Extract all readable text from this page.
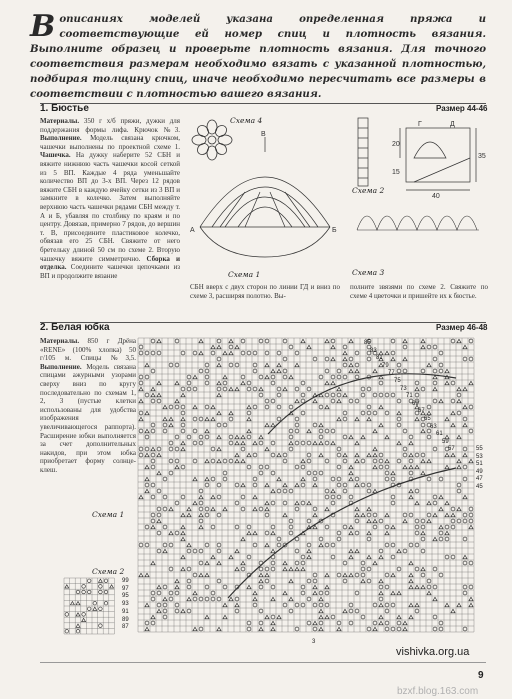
Вописаниях моделей указана определенная пряжа и соответствующие ей номер спиц и плотность вязания. Выполните образец и проверьте плотность вязания. Для точного соответствия размерам необходимо вязать с указанной плотностью, подбирая толщину спиц, иначе необходимо пересчитать все размеры в соответствии с плотностью вашего вязания.
1. Бюстье	Размер 44-46
Материалы. 350 г х/б пряжи, дужки для поддержания формы лифа. Крючок №3. Выполнение. Модель связана крючком, чашечки выполнены по проектной схеме 1. Чашечка. На дужку наберите 52 СБН и вяжите нижнюю часть чашечки косой сеткой из 5 ВП. Каждые 4 ряда уменьшайте количество ВП до 3-х ВП. Через 12 рядов вяжите СБН в каждую ячейку сетки из 3 ВП и замкните в колечко. Затем выполняйте верхнюю часть чашечки рядами СБН между т. А и Б, убавляя по столбику по краям и по центру. Довязав, примерно 7 рядов, до вершин т. В, присоедините пластиковое колечко, обвязав его 25 СБН. Свяжите от него бретельку длиной 50 см по схеме 2. Вторую чашечку вяжите симметрично. Сборка и отделка. Соедините чашечки цепочками из ВП и продолжите вязание
СБН вверх с двух сторон по линии ГД и вниз по схеме 3, расширяя полотно. Вы-
полните звязями по схеме 2. Свяжите по схеме 4 цветочки и пришейте их к бюстье.
Схема 4
A	Б
В
Схема 1
Схема 2
20
15
35
40
Г	Д
Схема 3
2. Белая юбка	Размер 46-48
Материалы. 850 г Дрёна «RENE» (100% хлопка) 50 г/105 м. Спицы №3,5. Выполнение. Модель связана спицами ажурными узорами сверху вниз по кругу последовательно по схемам 1, 2, 3 (пустые клетки использованы для удобства изображения увеличивающегося раппорта). Расширение юбки выполняется за счет дополнительных накидов, при этом юбка приобретает форму солнце-клеш.
Схема 1
Схема 2
85
83
81
79
77
75
73
71
69
67
65
63
61
59
57	55
53
51
49
47
45
99
97
95
93
91
89
87
3
vishivka.org.ua
9
bzxf.blog.163.com
